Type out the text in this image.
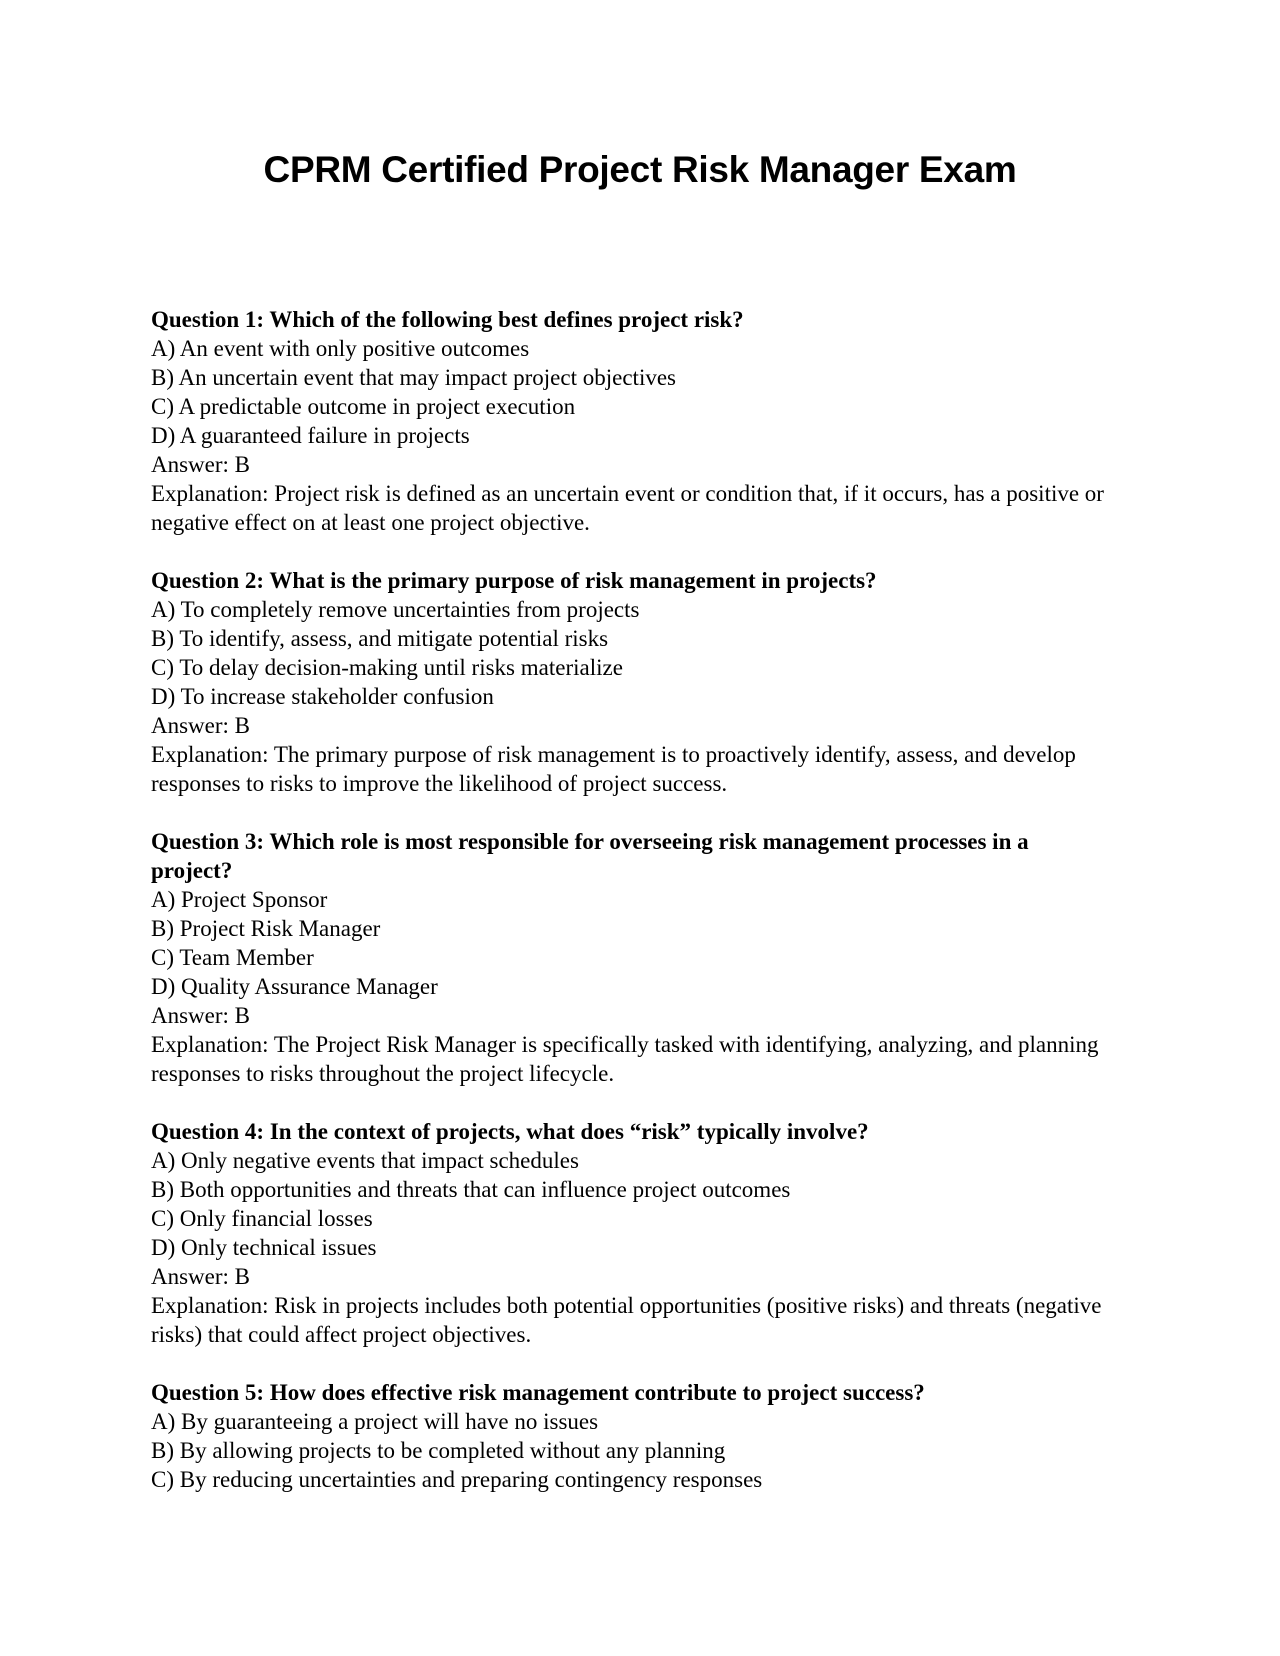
CPRM Certified Project Risk Manager Exam

Question 1: Which of the following best defines project risk?

A) An event with only positive outcomes

B) An uncertain event that may impact project objectives

C) A predictable outcome in project execution

D) A guaranteed failure in projects

Answer: B

Explanation: Project risk is defined as an uncertain event or condition that, if it occurs, has a positive or negative effect on at least one project objective.

Question 2: What is the primary purpose of risk management in projects?

A) To completely remove uncertainties from projects

B) To identify, assess, and mitigate potential risks

C) To delay decision-making until risks materialize

D) To increase stakeholder confusion

Answer: B

Explanation: The primary purpose of risk management is to proactively identify, assess, and develop responses to risks to improve the likelihood of project success.

Question 3: Which role is most responsible for overseeing risk management processes in a project?

A) Project Sponsor

B) Project Risk Manager

C) Team Member

D) Quality Assurance Manager

Answer: B

Explanation: The Project Risk Manager is specifically tasked with identifying, analyzing, and planning responses to risks throughout the project lifecycle.

Question 4: In the context of projects, what does “risk” typically involve?

A) Only negative events that impact schedules

B) Both opportunities and threats that can influence project outcomes

C) Only financial losses

D) Only technical issues

Answer: B

Explanation: Risk in projects includes both potential opportunities (positive risks) and threats (negative risks) that could affect project objectives.

Question 5: How does effective risk management contribute to project success?

A) By guaranteeing a project will have no issues

B) By allowing projects to be completed without any planning

C) By reducing uncertainties and preparing contingency responses
